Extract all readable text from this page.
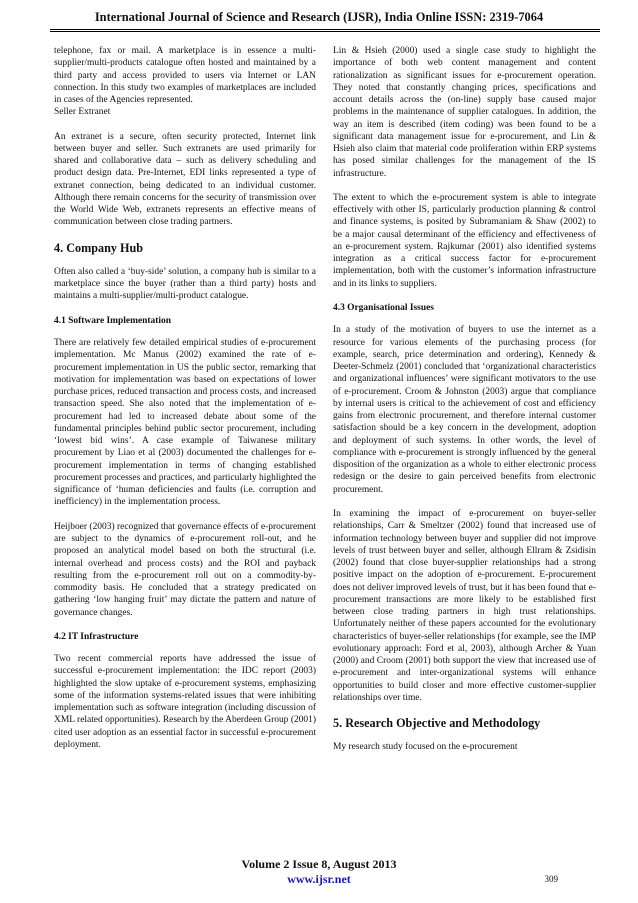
International Journal of Science and Research (IJSR), India Online ISSN: 2319-7064

telephone, fax or mail. A marketplace is in essence a multi-supplier/multi-products catalogue often hosted and maintained by a third party and access provided to users via Internet or LAN connection. In this study two examples of marketplaces are included in cases of the Agencies represented.

Seller Extranet

An extranet is a secure, often security protected, Internet link between buyer and seller. Such extranets are used primarily for shared and collaborative data – such as delivery scheduling and product design data. Pre-Internet, EDI links represented a type of extranet connection, being dedicated to an individual customer. Although there remain concerns for the security of transmission over the World Wide Web, extranets represents an effective means of communication between close trading partners.

4. Company Hub

Often also called a ‘buy-side’ solution, a company hub is similar to a marketplace since the buyer (rather than a third party) hosts and maintains a multi-supplier/multi-product catalogue.

4.1 Software Implementation

There are relatively few detailed empirical studies of e-procurement implementation. Mc Manus (2002) examined the rate of e-procurement implementation in US the public sector, remarking that motivation for implementation was based on expectations of lower purchase prices, reduced transaction and process costs, and increased transaction speed. She also noted that the implementation of e-procurement had led to increased debate about some of the fundamental principles behind public sector procurement, including ‘lowest bid wins’. A case example of Taiwanese military procurement by Liao et al (2003) documented the challenges for e-procurement implementation in terms of changing established procurement processes and practices, and particularly highlighted the significance of ‘human deficiencies and faults (i.e. corruption and inefficiency) in the implementation process.

Heijboer (2003) recognized that governance effects of e-procurement are subject to the dynamics of e-procurement roll-out, and he proposed an analytical model based on both the structural (i.e. internal overhead and process costs) and the ROI and payback resulting from the e-procurement roll out on a commodity-by-commodity basis. He concluded that a strategy predicated on gathering ‘low hanging fruit’ may dictate the pattern and nature of governance changes.

4.2 IT Infrastructure

Two recent commercial reports have addressed the issue of successful e-procurement implementation: the IDC report (2003) highlighted the slow uptake of e-procurement systems, emphasizing some of the information systems-related issues that were inhibiting implementation such as software integration (including discussion of XML related opportunities). Research by the Aberdeen Group (2001) cited user adoption as an essential factor in successful e-procurement deployment.

Lin & Hsieh (2000) used a single case study to highlight the importance of both web content management and content rationalization as significant issues for e-procurement operation. They noted that constantly changing prices, specifications and account details across the (on-line) supply base caused major problems in the maintenance of supplier catalogues. In addition, the way an item is described (item coding) was been found to be a significant data management issue for e-procurement, and Lin & Hsieh also claim that material code proliferation within ERP systems has posed similar challenges for the management of the IS infrastructure.

The extent to which the e-procurement system is able to integrate effectively with other IS, particularly production planning & control and finance systems, is posited by Subramaniam & Shaw (2002) to be a major causal determinant of the efficiency and effectiveness of an e-procurement system. Rajkumar (2001) also identified systems integration as a critical success factor for e-procurement implementation, both with the customer’s information infrastructure and in its links to suppliers.

4.3 Organisational Issues

In a study of the motivation of buyers to use the internet as a resource for various elements of the purchasing process (for example, search, price determination and ordering), Kennedy & Deeter-Schmelz (2001) concluded that ‘organizational characteristics and organizational influences’ were significant motivators to the use of e-procurement. Croom & Johnston (2003) argue that compliance by internal users is critical to the achievement of cost and efficiency gains from electronic procurement, and therefore internal customer satisfaction should be a key concern in the development, adoption and deployment of such systems. In other words, the level of compliance with e-procurement is strongly influenced by the general disposition of the organization as a whole to either electronic process redesign or the desire to gain perceived benefits from electronic procurement.

In examining the impact of e-procurement on buyer-seller relationships, Carr & Smeltzer (2002) found that increased use of information technology between buyer and supplier did not improve levels of trust between buyer and seller, although Ellram & Zsidisin (2002) found that close buyer-supplier relationships had a strong positive impact on the adoption of e-procurement. E-procurement does not deliver improved levels of trust, but it has been found that e-procurement transactions are more likely to be established first between close trading partners in high trust relationships. Unfortunately neither of these papers accounted for the evolutionary characteristics of buyer-seller relationships (for example, see the IMP evolutionary approach: Ford et al, 2003), although Archer & Yuan (2000) and Croom (2001) both support the view that increased use of e-procurement and inter-organizational systems will enhance opportunities to build closer and more effective customer-supplier relationships over time.

5. Research Objective and Methodology

My research study focused on the e-procurement

Volume 2 Issue 8, August 2013
www.ijsr.net	309
